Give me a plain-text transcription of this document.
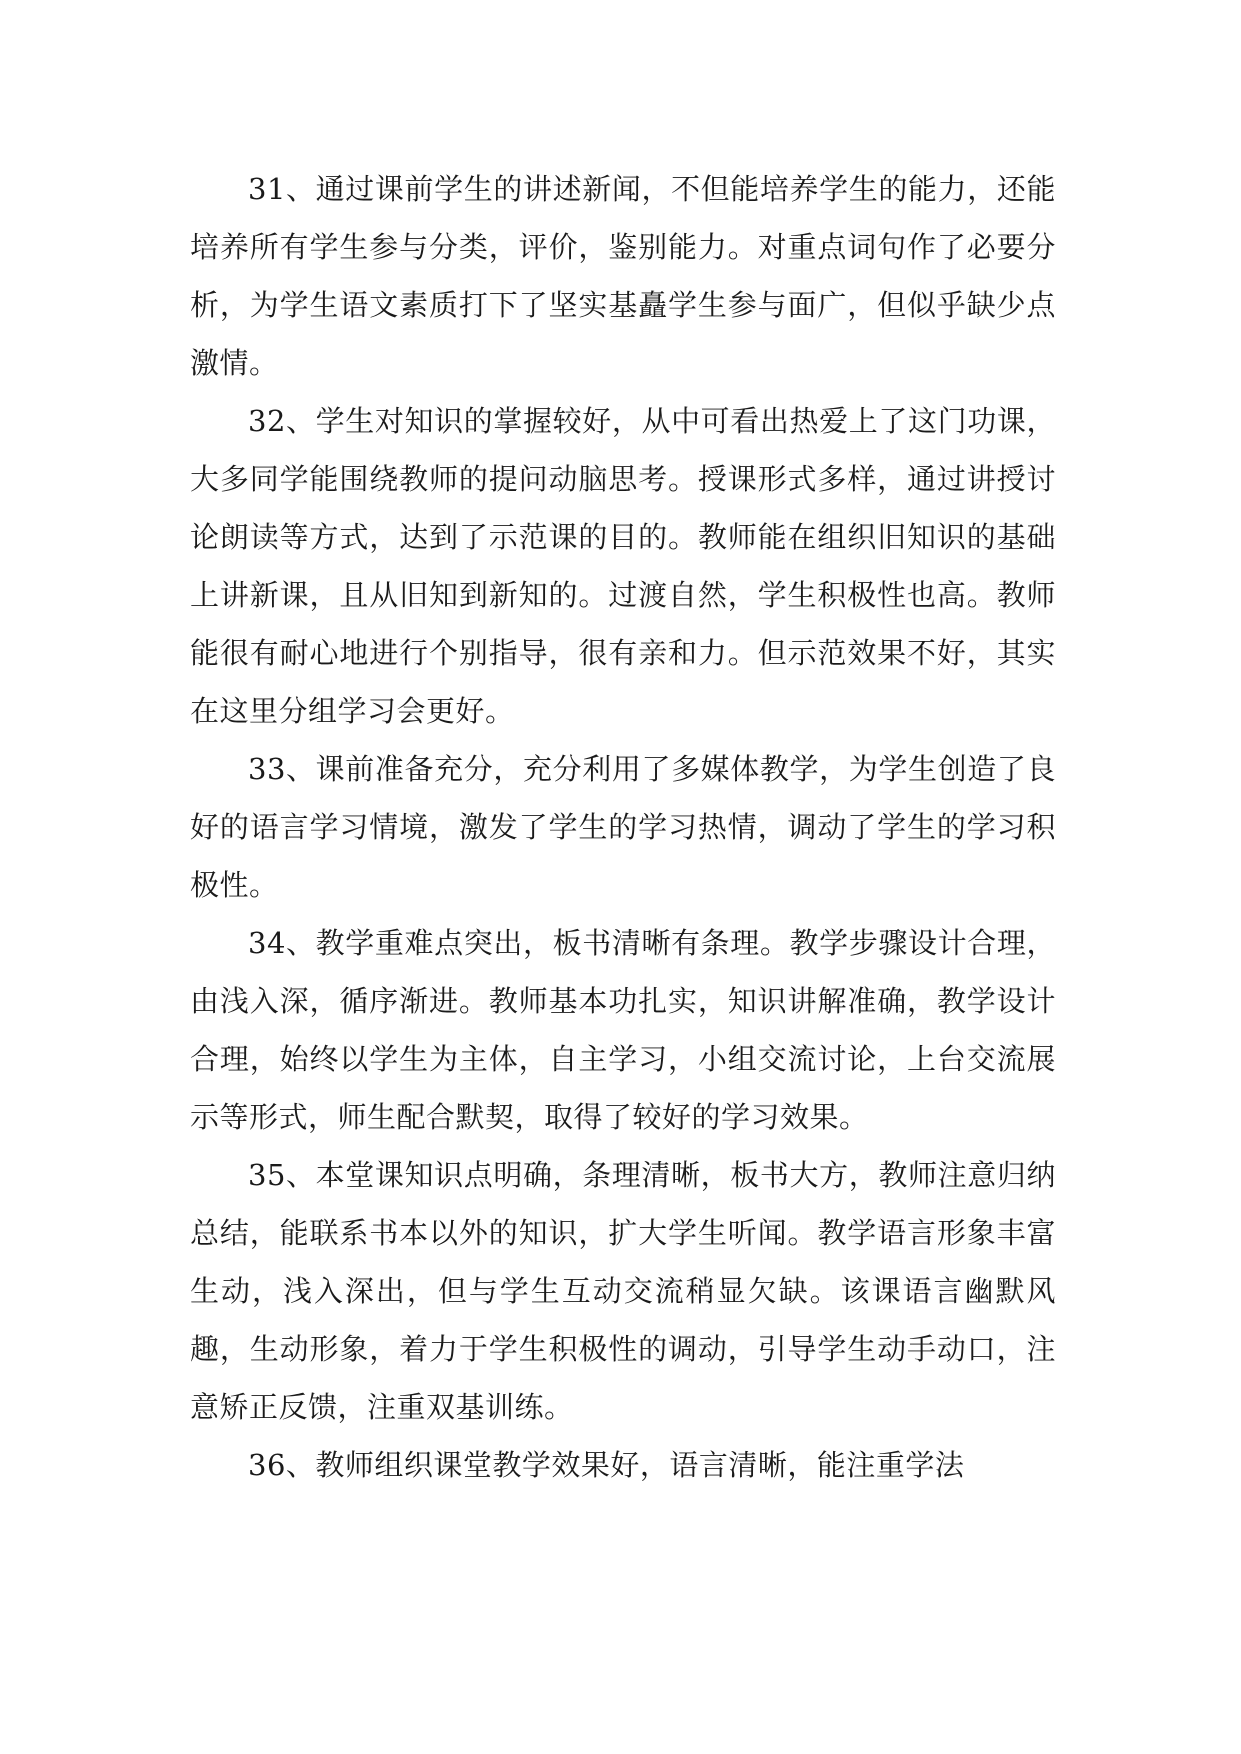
31、通过课前学生的讲述新闻，不但能培养学生的能力，还能培养所有学生参与分类，评价，鉴别能力。对重点词句作了必要分析，为学生语文素质打下了坚实基矗学生参与面广，但似乎缺少点激情。

32、学生对知识的掌握较好，从中可看出热爱上了这门功课，大多同学能围绕教师的提问动脑思考。授课形式多样，通过讲授讨论朗读等方式，达到了示范课的目的。教师能在组织旧知识的基础上讲新课，且从旧知到新知的。过渡自然，学生积极性也高。教师能很有耐心地进行个别指导，很有亲和力。但示范效果不好，其实在这里分组学习会更好。

33、课前准备充分，充分利用了多媒体教学，为学生创造了良好的语言学习情境，激发了学生的学习热情，调动了学生的学习积极性。

34、教学重难点突出，板书清晰有条理。教学步骤设计合理，由浅入深，循序渐进。教师基本功扎实，知识讲解准确，教学设计合理，始终以学生为主体，自主学习，小组交流讨论，上台交流展示等形式，师生配合默契，取得了较好的学习效果。

35、本堂课知识点明确，条理清晰，板书大方，教师注意归纳总结，能联系书本以外的知识，扩大学生听闻。教学语言形象丰富生动，浅入深出，但与学生互动交流稍显欠缺。该课语言幽默风趣，生动形象，着力于学生积极性的调动，引导学生动手动口，注意矫正反馈，注重双基训练。

36、教师组织课堂教学效果好，语言清晰，能注重学法
